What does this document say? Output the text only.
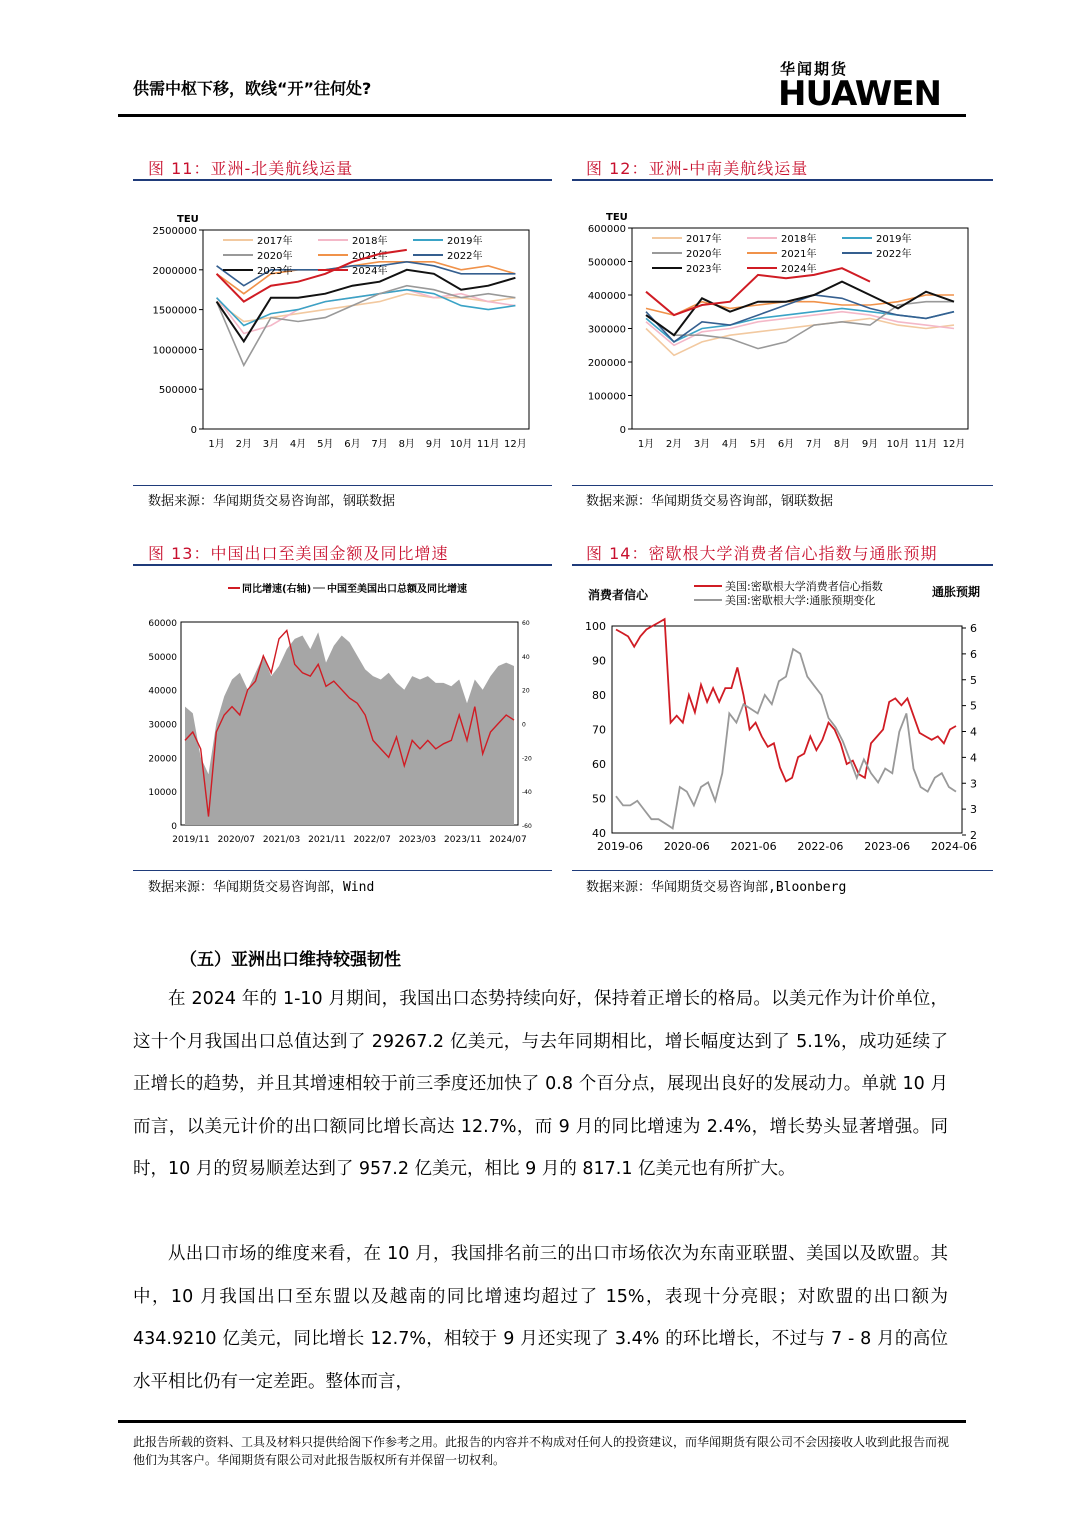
供需中枢下移，欧线“开”往何处?
华闻期货
HUAWEN
图 11：亚洲-北美航线运量
TEU
0
500000
1000000
1500000
2000000
2500000
1月 2月 3月 4月 5月 6月 7月 8月 9月 10月 11月 12月
2017年	2018年	2019年
2020年	2021年	2022年
2023年	2024年
数据来源：华闻期货交易咨询部，钢联数据
图 12：亚洲-中南美航线运量
TEU
0
100000
200000
300000
400000
500000
600000
1月 2月 3月 4月 5月 6月 7月 8月 9月 10月 11月 12月
2017年	2018年	2019年
2020年	2021年	2022年
2023年	2024年
数据来源：华闻期货交易咨询部，钢联数据
图 13：中国出口至美国金额及同比增速
0
10000
20000
30000
40000
50000
60000
-60
-40
-20
0
20
40
60
2019/11 2020/07 2021/03 2021/11 2022/07 2023/03 2023/11 2024/07
同比增速(右轴) 中国至美国出口总额及同比增速
数据来源：华闻期货交易咨询部，Wind
图 14：密歇根大学消费者信心指数与通胀预期
消费者信心	通胀预期
40
50
60
70
80
90
100
2
3
3
4
4
5
5
6
6
2019-06 2020-06 2021-06 2022-06 2023-06 2024-06
美国:密歇根大学消费者信心指数
美国:密歇根大学:通胀预期变化
数据来源：华闻期货交易咨询部,Bloonberg
（五）亚洲出口维持较强韧性
在 2024 年的 1-10 月期间，我国出口态势持续向好，保持着正增长的格局。以美元作为计价单位，这十个月我国出口总值达到了 29267.2 亿美元，与去年同期相比，增长幅度达到了 5.1%，成功延续了正增长的趋势，并且其增速相较于前三季度还加快了 0.8 个百分点，展现出良好的发展动力。单就 10 月而言，以美元计价的出口额同比增长高达 12.7%，而 9 月的同比增速为 2.4%，增长势头显著增强。同时，10 月的贸易顺差达到了 957.2 亿美元，相比 9 月的 817.1 亿美元也有所扩大。
从出口市场的维度来看，在 10 月，我国排名前三的出口市场依次为东南亚联盟、美国以及欧盟。其中，10 月我国出口至东盟以及越南的同比增速均超过了 15%，表现十分亮眼；对欧盟的出口额为 434.9210 亿美元，同比增长 12.7%，相较于 9 月还实现了 3.4% 的环比增长，不过与 7 - 8 月的高位水平相比仍有一定差距。整体而言，
此报告所载的资料、工具及材料只提供给阁下作参考之用。此报告的内容并不构成对任何人的投资建议，而华闻期货有限公司不会因接收人收到此报告而视他们为其客户。华闻期货有限公司对此报告版权所有并保留一切权利。
